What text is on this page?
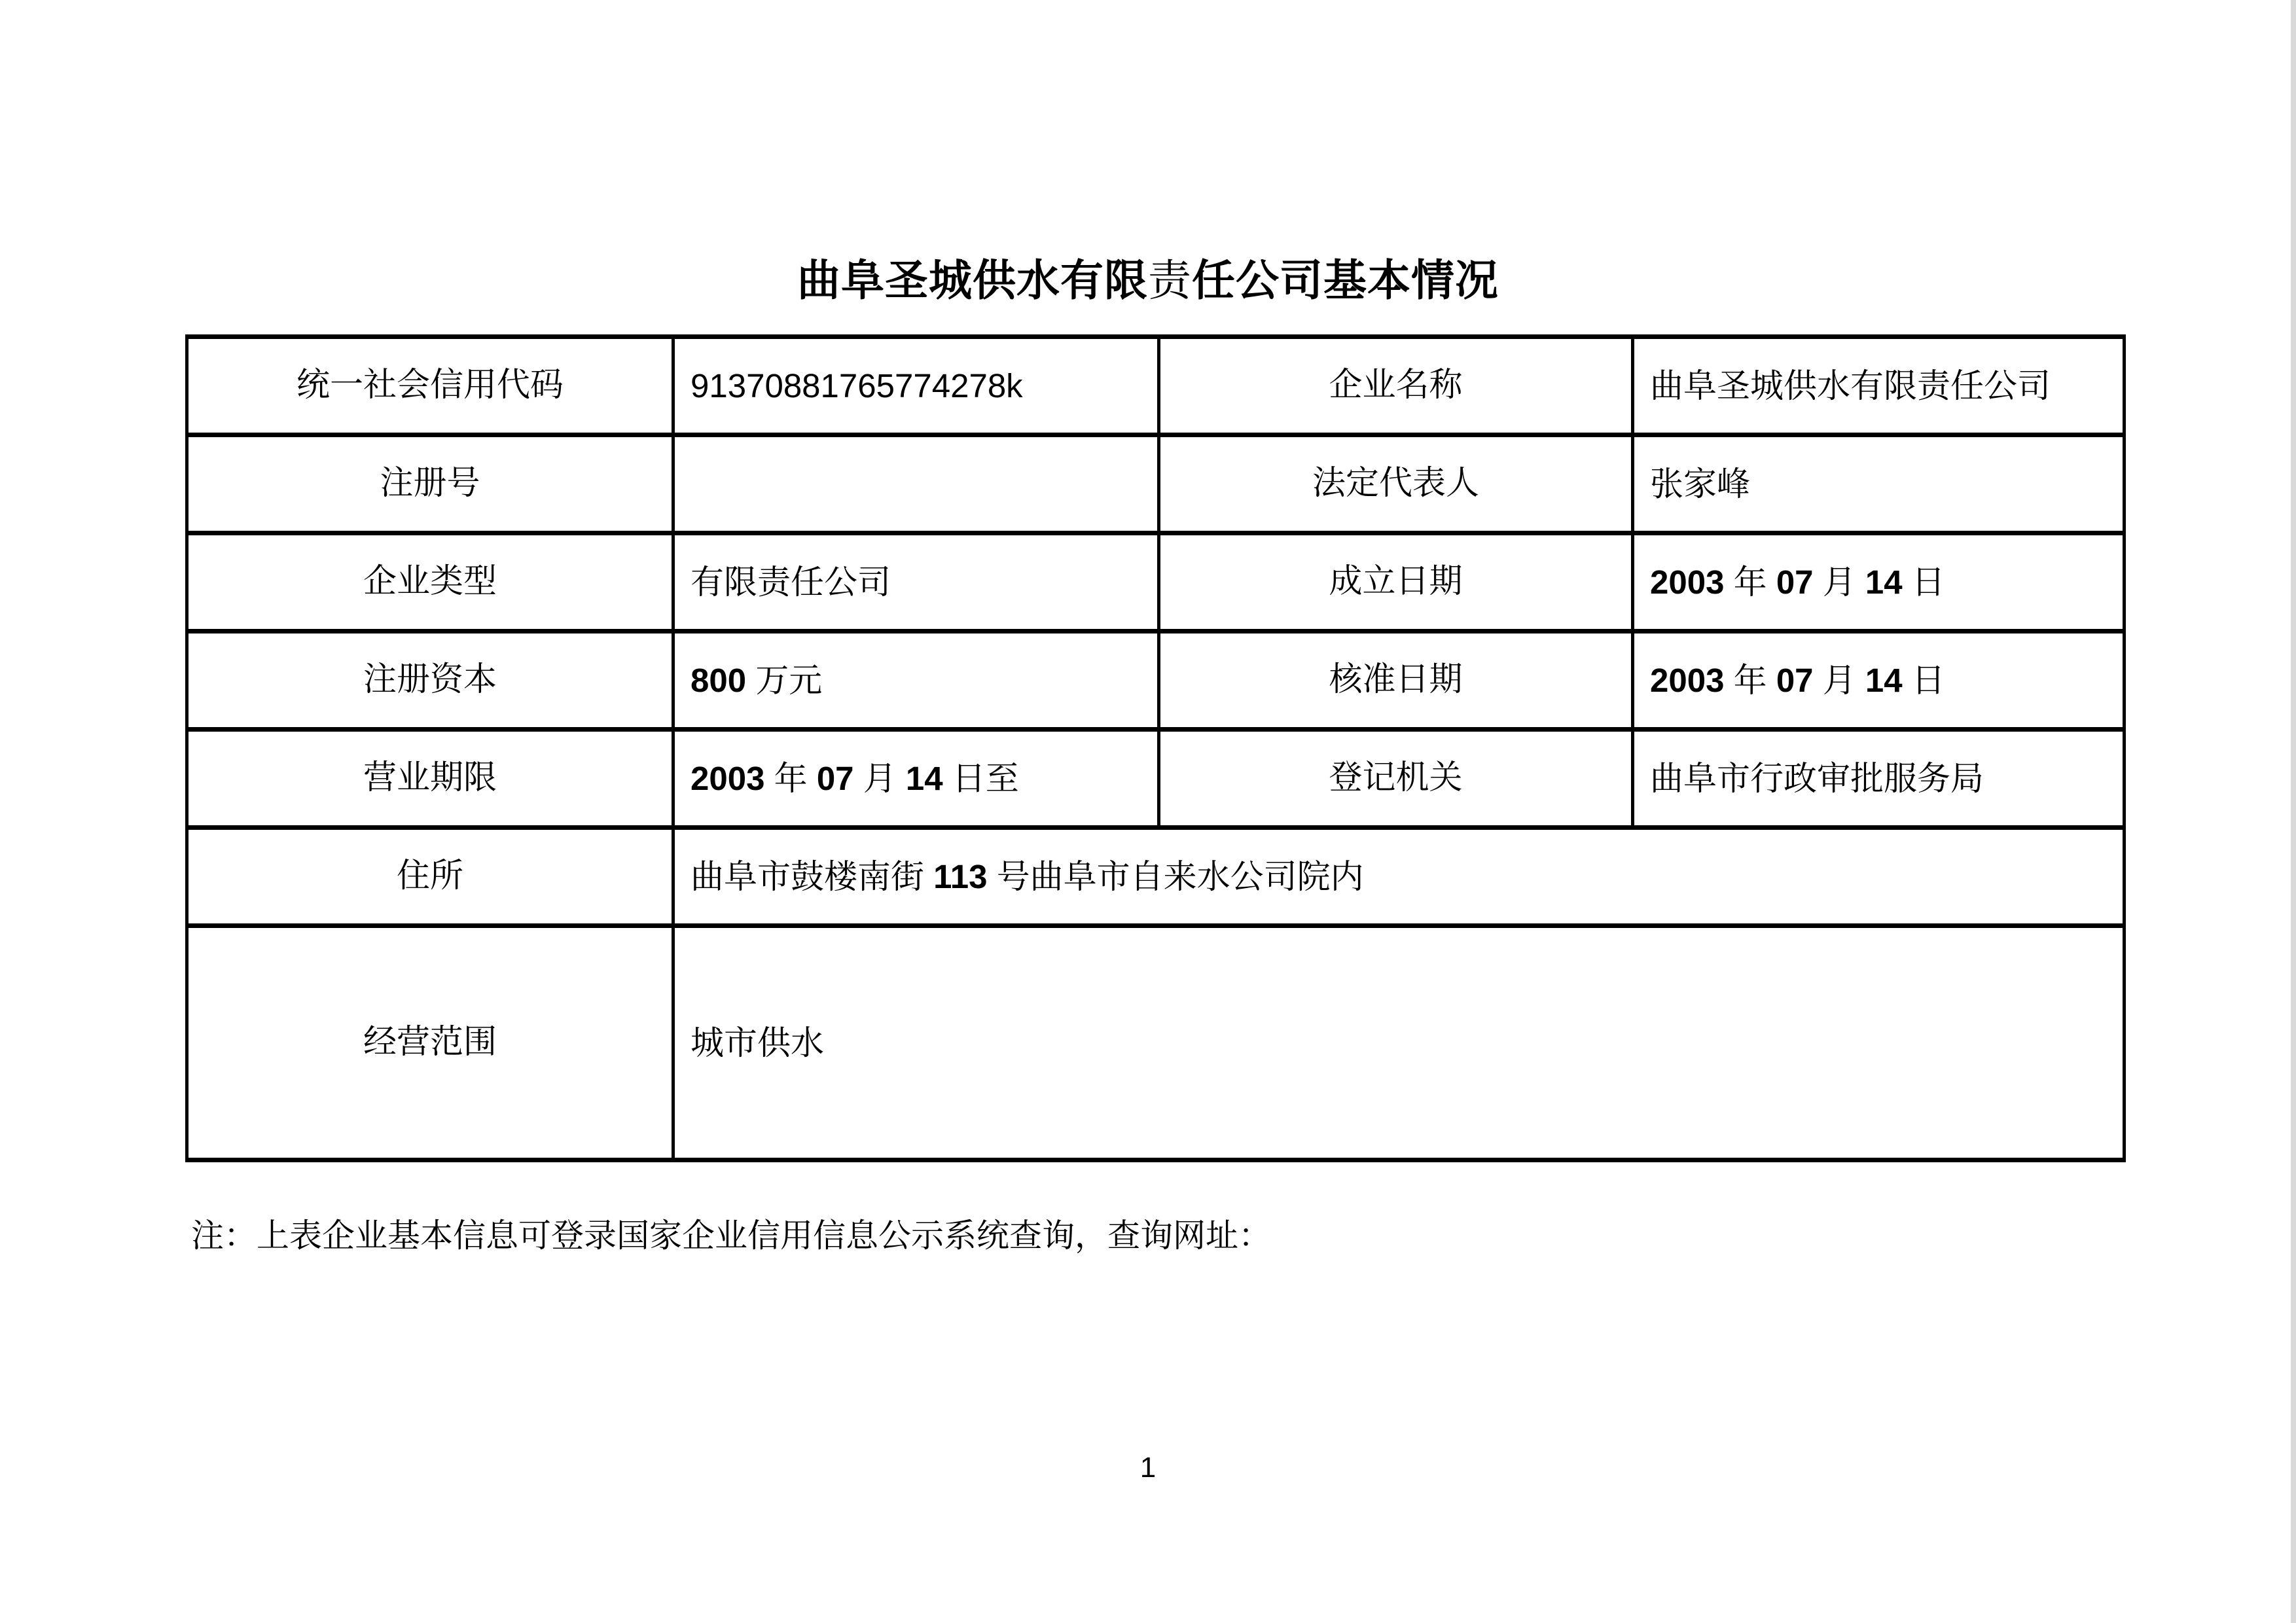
曲阜圣城供水有限责任公司基本情况
统一社会信用代码	91370881765774278k	企业名称	曲阜圣城供水有限责任公司
注册号		法定代表人	张家峰
企业类型	有限责任公司	成立日期	2003 年 07 月 14 日
注册资本	800 万元	核准日期	2003 年 07 月 14 日
营业期限	2003 年 07 月 14 日至	登记机关	曲阜市行政审批服务局
住所	曲阜市鼓楼南街 113 号曲阜市自来水公司院内		
经营范围	城市供水		
注：上表企业基本信息可登录国家企业信用信息公示系统查询，查询网址：
1
